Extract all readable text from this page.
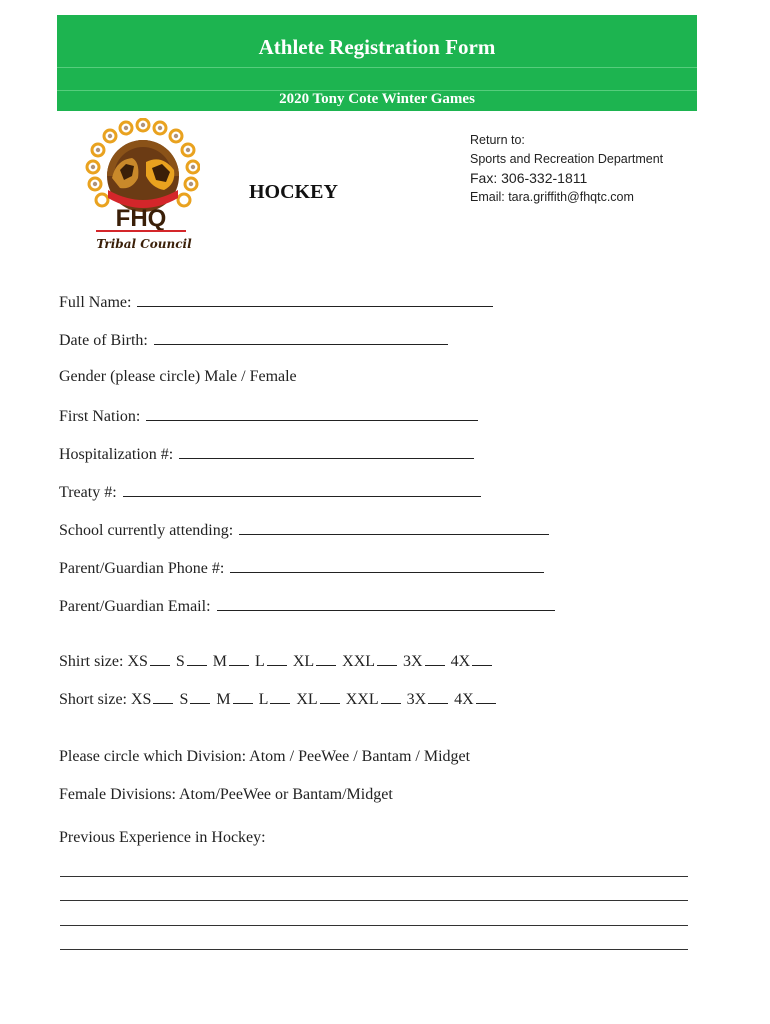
Athlete Registration Form
2020 Tony Cote Winter Games
FHQ
Tribal Council
HOCKEY
Return to:
Sports and Recreation Department
Fax: 306-332-1811
Email: tara.griffith@fhqtc.com
Full Name:
Date of Birth:
Gender (please circle) Male / Female
First Nation:
Hospitalization #:
Treaty #:
School currently attending:
Parent/Guardian Phone #:
Parent/Guardian Email:
Shirt size: XS S M L XL XXL 3X 4X
Short size: XS S M L XL XXL 3X 4X
Please circle which Division: Atom / PeeWee / Bantam / Midget
Female Divisions: Atom/PeeWee or Bantam/Midget
Previous Experience in Hockey:
